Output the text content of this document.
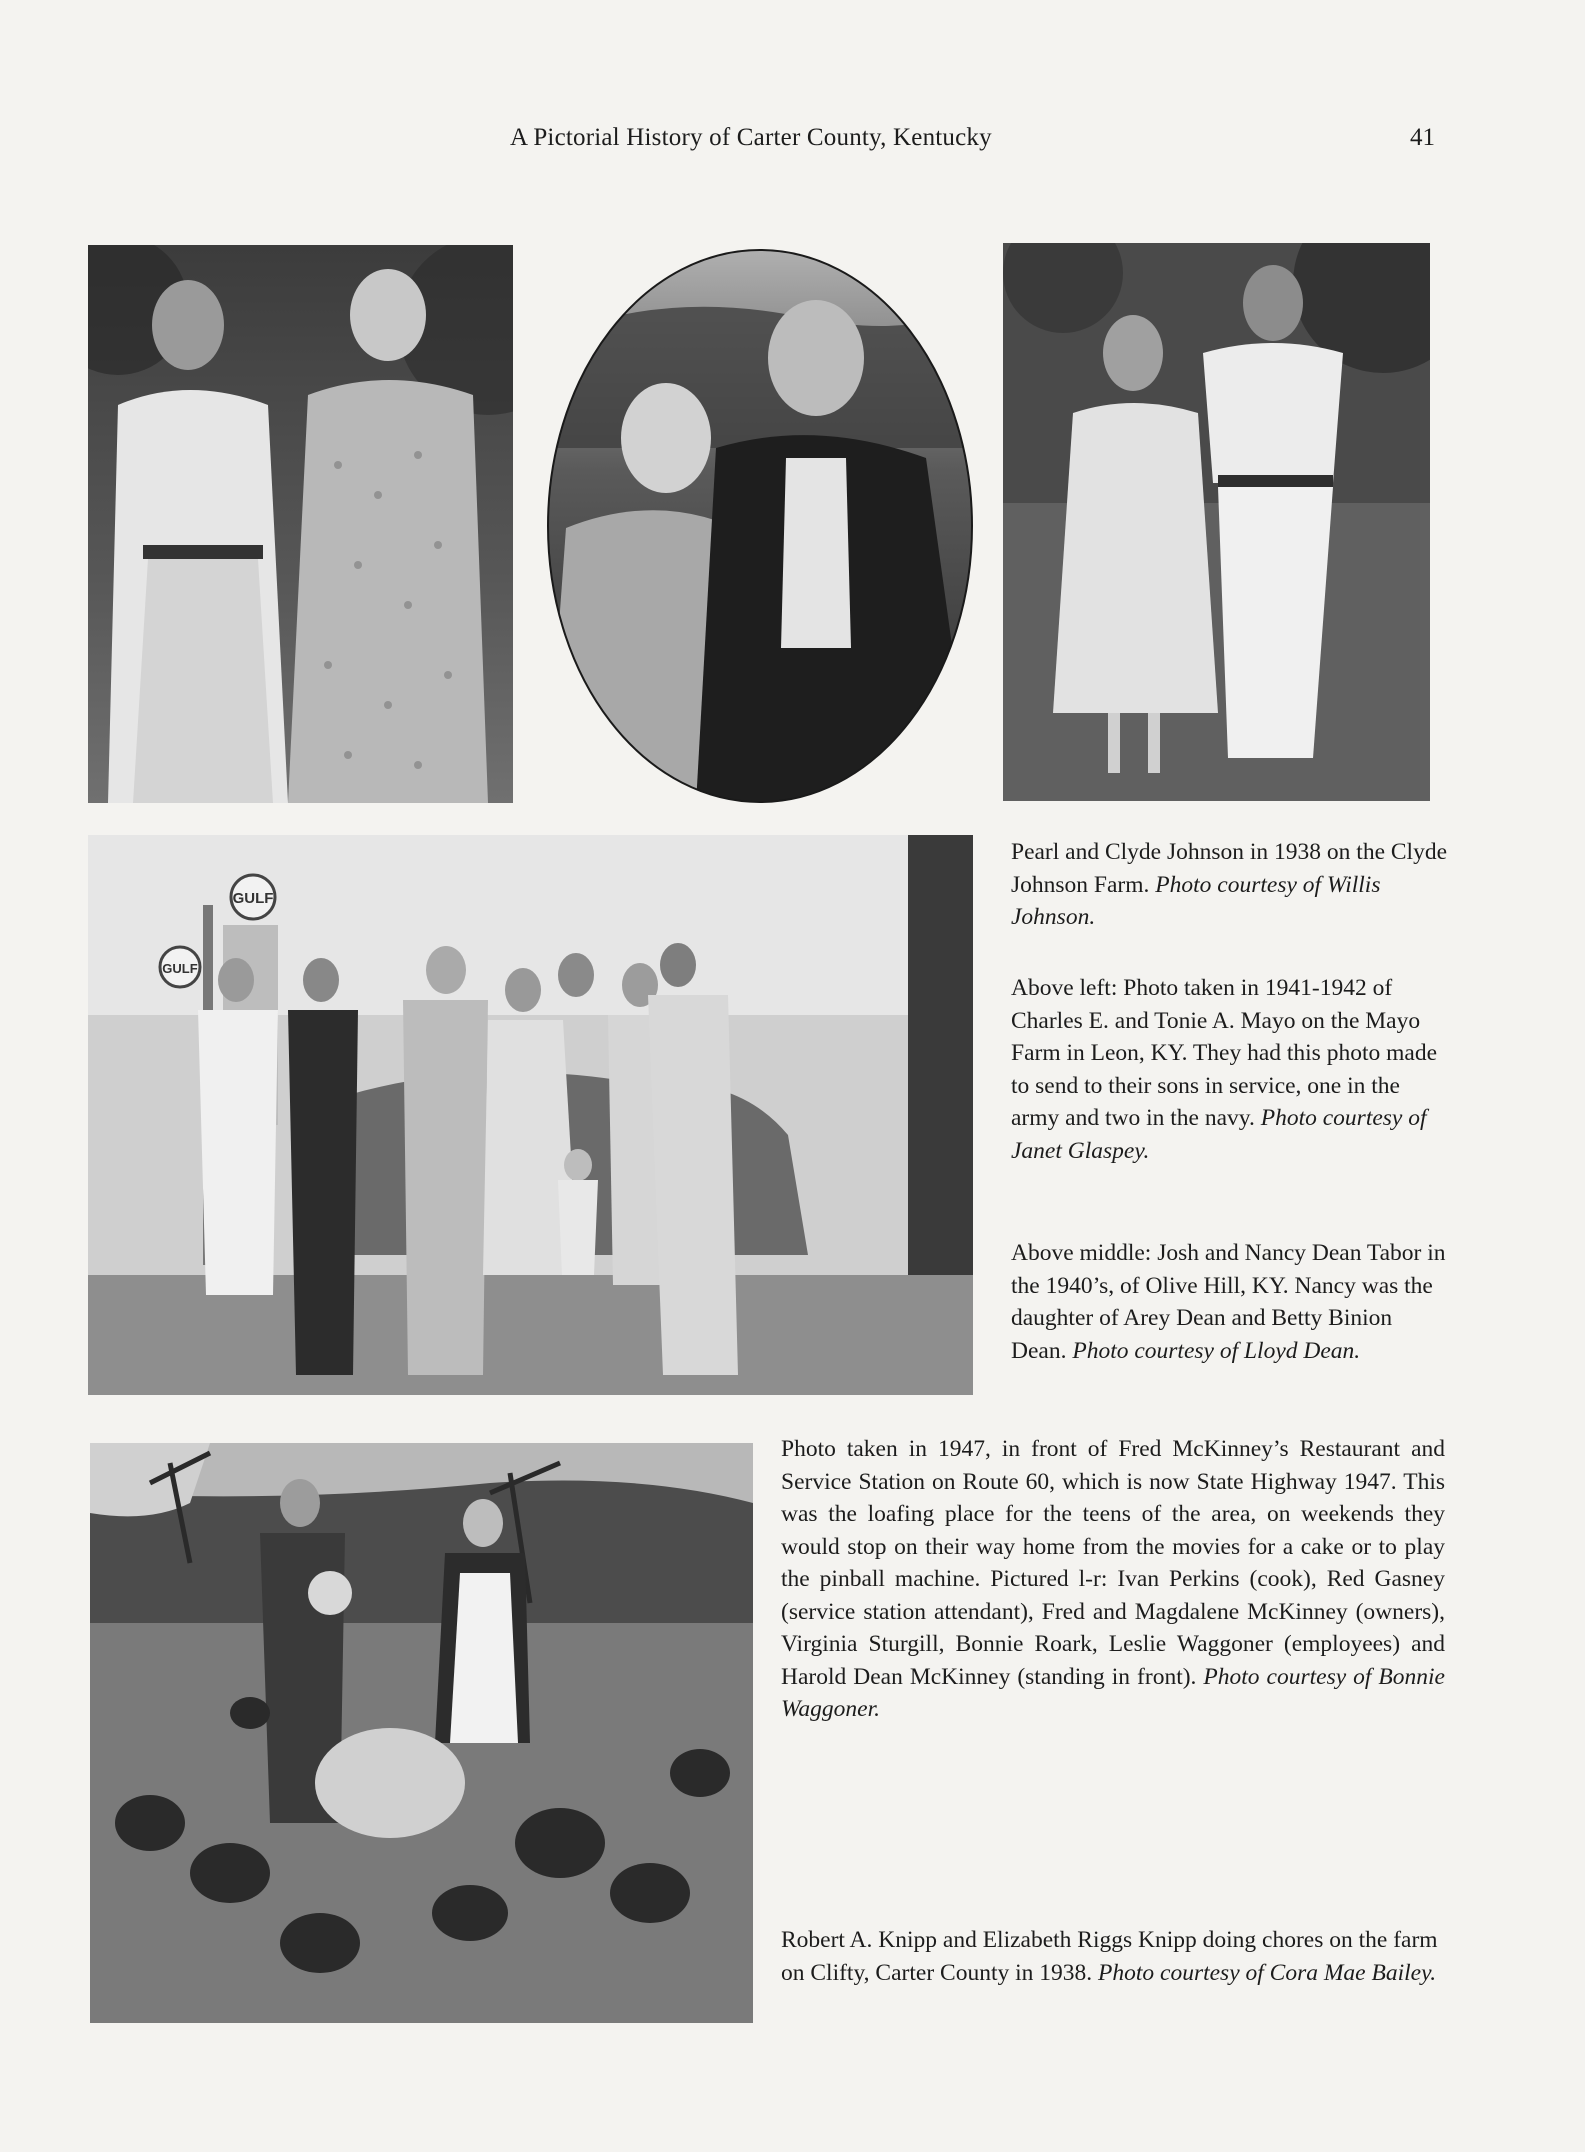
A Pictorial History of Carter County, Kentucky	41
GULF
GULF

Pearl and Clyde Johnson in 1938 on the Clyde Johnson Farm. Photo courtesy of Willis Johnson.

Above left: Photo taken in 1941-1942 of Charles E. and Tonie A. Mayo on the Mayo Farm in Leon, KY. They had this photo made to send to their sons in service, one in the army and two in the navy. Photo courtesy of Janet Glaspey.

Above middle: Josh and Nancy Dean Tabor in the 1940’s, of Olive Hill, KY. Nancy was the daughter of Arey Dean and Betty Binion Dean. Photo courtesy of Lloyd Dean.

Photo taken in 1947, in front of Fred McKinney’s Restaurant and Service Station on Route 60, which is now State Highway 1947. This was the loafing place for the teens of the area, on weekends they would stop on their way home from the movies for a cake or to play the pinball machine. Pictured l-r: Ivan Perkins (cook), Red Gasney (service station attendant), Fred and Magdalene McKinney (owners), Virginia Sturgill, Bonnie Roark, Leslie Waggoner (employees) and Harold Dean McKinney (standing in front). Photo courtesy of Bonnie Waggoner.

Robert A. Knipp and Elizabeth Riggs Knipp doing chores on the farm on Clifty, Carter County in 1938. Photo courtesy of Cora Mae Bailey.
